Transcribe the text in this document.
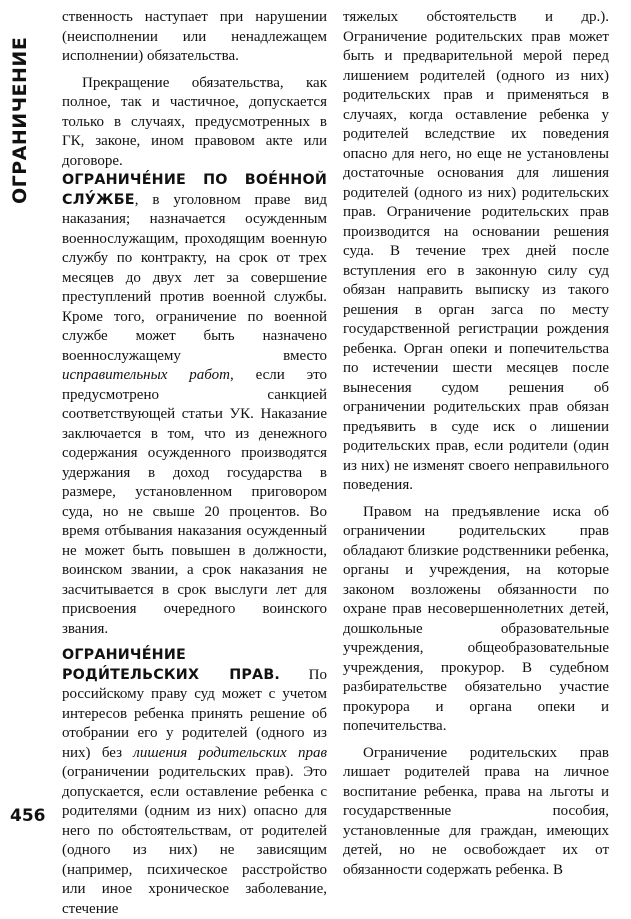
ОГРАНИЧЕНИЕ

ственность наступает при нарушении (неисполнении или ненадлежащем исполнении) обязательства.

Прекращение обязательства, как полное, так и частичное, допускается только в случаях, предусмотренных в ГК, законе, ином правовом акте или договоре.

ОГРАНИЧЕ́НИЕ ПО ВОЕ́ННОЙ СЛУ́ЖБЕ, в уголовном праве вид наказания; назначается осужденным военнослужащим, проходящим военную службу по контракту, на срок от трех месяцев до двух лет за совершение преступлений против военной службы. Кроме того, ограничение по военной службе может быть назначено военнослужащему вместо исправительных работ, если это предусмотрено санкцией соответствующей статьи УК. Наказание заключается в том, что из денежного содержания осужденного производятся удержания в доход государства в размере, установленном приговором суда, но не свыше 20 процентов. Во время отбывания наказания осужденный не может быть повышен в должности, воинском звании, а срок наказания не засчитывается в срок выслуги лет для присвоения очередного воинского звания.

ОГРАНИЧЕ́НИЕ РОДИ́ТЕЛЬСКИХ ПРАВ. По российскому праву суд может с учетом интересов ребенка принять решение об отобрании его у родителей (одного из них) без лишения родительских прав (ограничении родительских прав). Это допускается, если оставление ребенка с родителями (одним из них) опасно для него по обстоятельствам, от родителей (одного из них) не зависящим (например, психическое расстройство или иное хроническое заболевание, стечение

тяжелых обстоятельств и др.). Ограничение родительских прав может быть и предварительной мерой перед лишением родителей (одного из них) родительских прав и применяться в случаях, когда оставление ребенка у родителей вследствие их поведения опасно для него, но еще не установлены достаточные основания для лишения родителей (одного из них) родительских прав. Ограничение родительских прав производится на основании решения суда. В течение трех дней после вступления его в законную силу суд обязан направить выписку из такого решения в орган загса по месту государственной регистрации рождения ребенка. Орган опеки и попечительства по истечении шести месяцев после вынесения судом решения об ограничении родительских прав обязан предъявить в суде иск о лишении родительских прав, если родители (один из них) не изменят своего неправильного поведения.

Правом на предъявление иска об ограничении родительских прав обладают близкие родственники ребенка, органы и учреждения, на которые законом возложены обязанности по охране прав несовершеннолетних детей, дошкольные образовательные учреждения, общеобразовательные учреждения, прокурор. В судебном разбирательстве обязательно участие прокурора и органа опеки и попечительства.

Ограничение родительских прав лишает родителей права на личное воспитание ребенка, права на льготы и государственные пособия, установленные для граждан, имеющих детей, но не освобождает их от обязанности содержать ребенка. В

456
